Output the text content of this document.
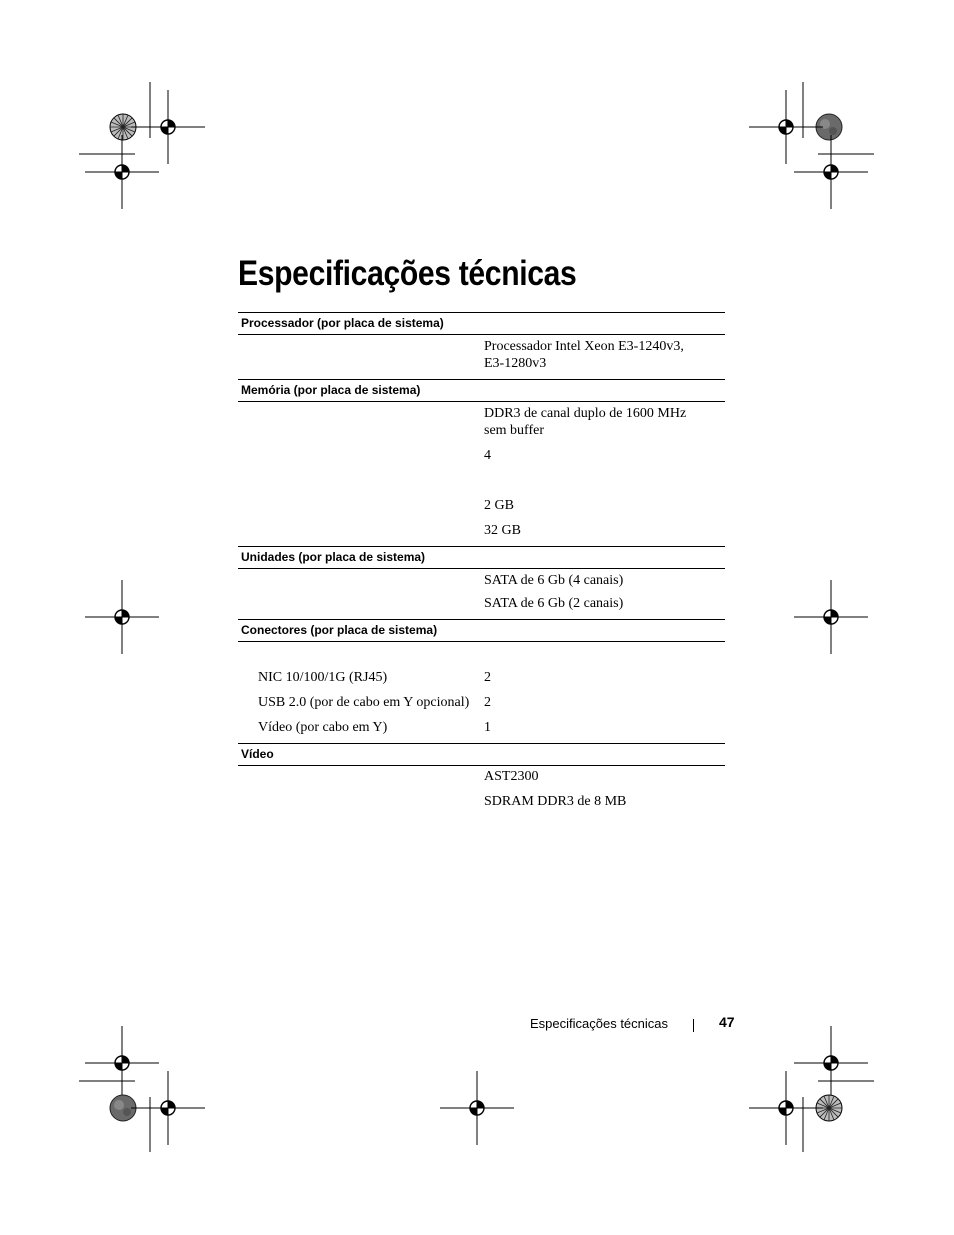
Especificações técnicas
Processador (por placa de sistema)
Processador Intel Xeon E3-1240v3,
E3-1280v3
Memória (por placa de sistema)
DDR3 de canal duplo de 1600 MHz
sem buffer
4
2 GB
32 GB
Unidades (por placa de sistema)
SATA de 6 Gb (4 canais)
SATA de 6 Gb (2 canais)
Conectores (por placa de sistema)
NIC 10/100/1G (RJ45)	2
USB 2.0 (por de cabo em Y opcional) 2
Vídeo (por cabo em Y)	1
Vídeo
AST2300
SDRAM DDR3 de 8 MB
Especificações técnicas	47
